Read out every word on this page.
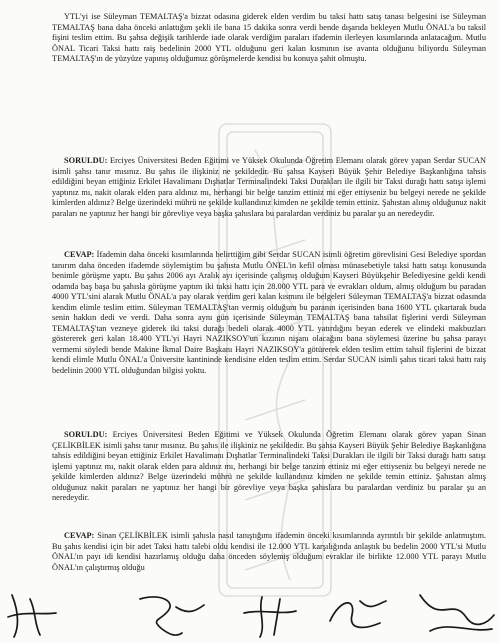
YTL'yi ise Süleyman TEMALTAŞ'a bizzat odasına giderek elden verdim bu taksi hattı satış tanası belgesini ise Süleyman TEMALTAŞ bana daha önceki anlattığım şekli ile bana 15 dakika sonra verdi bende dışarıda bekleyen Mutlu ÖNAL'a bu taksil fişini teslim ettim. Bu şahsa değişik tarihlerde iade olarak verdiğim paraları ifademin ilerleyen kısımlarında anlatacağım. Mutlu ÖNAL Ticari Taksi hattı raiş bedelinin 2000 YTL olduğunu geri kalan kısmının ise avanta olduğunu biliyordu Süleyman TEMALTAŞ'ın de yüzyüze yapınış olduğumuz görüşmelerde kendisi bu konuya şahit olmuştu.

SORULDU: Erciyes Üniversitesi Beden Eğitimi ve Yüksek Okulunda Öğretim Elemanı olarak görev yapan Serdar SUCAN isimli şahsı tanır mısınız. Bu şahıs ile ilişkiniz ne şekildedir. Bu şahsa Kayseri Büyük Şehir Belediye Başkanlığına tahsis edildiğini beyan ettiğiniz Erkilet Havalimanı Dışhatlar Terminalindeki Taksi Durakları ile ilgili bir Taksi durağı hattı satışı işlemi yaptınız mı, nakit olarak elden para aldınız mı, herhangi bir belge tanzim ettiniz mi eğer ettiyseniz bu belgeyi nerede ne şekilde kimlerden aldınız? Belge üzerindeki mührü ne şekilde kullandınız kimden ne şekilde temin ettiniz. Şahıstan alınış olduğunuz nakit paraları ne yaptınız her hangi bir görevliye veya başka şahıslara bu paralardan verdiniz bu paralar şu an neredeydir.

CEVAP: İfademin daha önceki kısımlarında belirttiğim gibi Serdar SUCAN isimli öğretim görevlisini Gesi Belediye spordan tanırım daha önceden ifademde söylemiştim bu şahısta Mutlu ÖNEL'in kefil olması münasebetiyle taksi hattı satışı konusunda benimle görüşme yaptı. Bu şahıs 2006 ayı Aralık ayı içerisinde çalışmış olduğum Kayseri Büyükşehir Belediyesine geldi kendi odamda baş başa bu şahısla görüşme yaptım iki taksi hattı için 28.000 YTL para ve evrakları oldum, almış olduğum bu paradan 4000 YTL'sini alarak Mutlu ÖNAL'a pay olarak verdim geri kalan kısmını ile belgeleri Süleyman TEMALTAŞ'a bizzat odasında kendim elimle teslim ettim. Süleyman TEMALTAŞ'tan vermiş olduğum bu paranın içerisinden bana 1600 YTL çıkartarak buda senin hakkın dedi ve verdi. Daha sonra aynı gün içerisinde Süleyman TEMALTAŞ bana tahsilat fişlerini verdi Süleyman TEMALTAŞ'tan vezneye giderek iki taksi durağı bedeli olarak 4000 YTL yatırdığını beyan ederek ve elindeki makbuzları göstererek geri kalan 18.400 YTL'yi Hayri NAZIKSOY'un kızının nişanı olacağını bana söylemesi üzerine bu şahsa parayı vermemi söyledi bende Makine İkmal Daire Başkanı Hayri NAZIKSOY'a götürerek elden teslim ettim tahsil fişlerini de bizzat kendi elimle Mutlu ÖNAL'a Üniversite kantininde kendisine elden teslim ettim. Serdar SUCAN isimli şahıs ticari taksi hattı raiş bedelinin 2000 YTL olduğundan bilgisi yoktu.

SORULDU: Erciyes Üniversitesi Beden Eğitimi ve Yüksek Okulunda Öğretim Elemanı olarak görev yapan Sinan ÇELİKBİLEK isimli şahsı tanır mısınız. Bu şahıs ile ilişkiniz ne şekildedir. Bu şahsa Kayseri Büyük Şehir Belediye Başkanlığına tahsis edildiğini beyan ettiğiniz Erkilet Havalimanı Dışhatlar Terminalindeki Taksi Durakları ile ilgili bir Taksi durağı hattı satışı işlemi yaptınız mı, nakit olarak elden para aldınız mı, herhangi bir belge tanzim ettiniz mi eğer ettiyseniz bu belgeyi nerede ne şekilde kimlerden aldınız? Belge üzerindeki mührü ne şekilde kullandınız kimden ne şekilde temin ettiniz. Şahıstan almış olduğunuz nakit paraları ne yaptınız her hangi bir görevliye veya başka şahıslara bu paralardan verdiniz bu paralar şu an neredeydir.

CEVAP: Sinan ÇELİKBİLEK isimli şahısla nasıl tanıştığımı ifademin önceki kısımlarında ayrıntılı bir şekilde anlatmıştım. Bu şahıs kendisi için bir adet Taksi hattı talebi oldu kendisi ile 12.000 YTL karşılığında anlaştık bu bedelin 2000 YTL'si Mutlu ÖNAL'ın payı idi kendisi hazırlamış olduğu daha önceden söylemiş olduğum evraklar ile birlikte 12.000 YTL parayı Mutlu ÖNAL'ın çalıştırmış olduğu
